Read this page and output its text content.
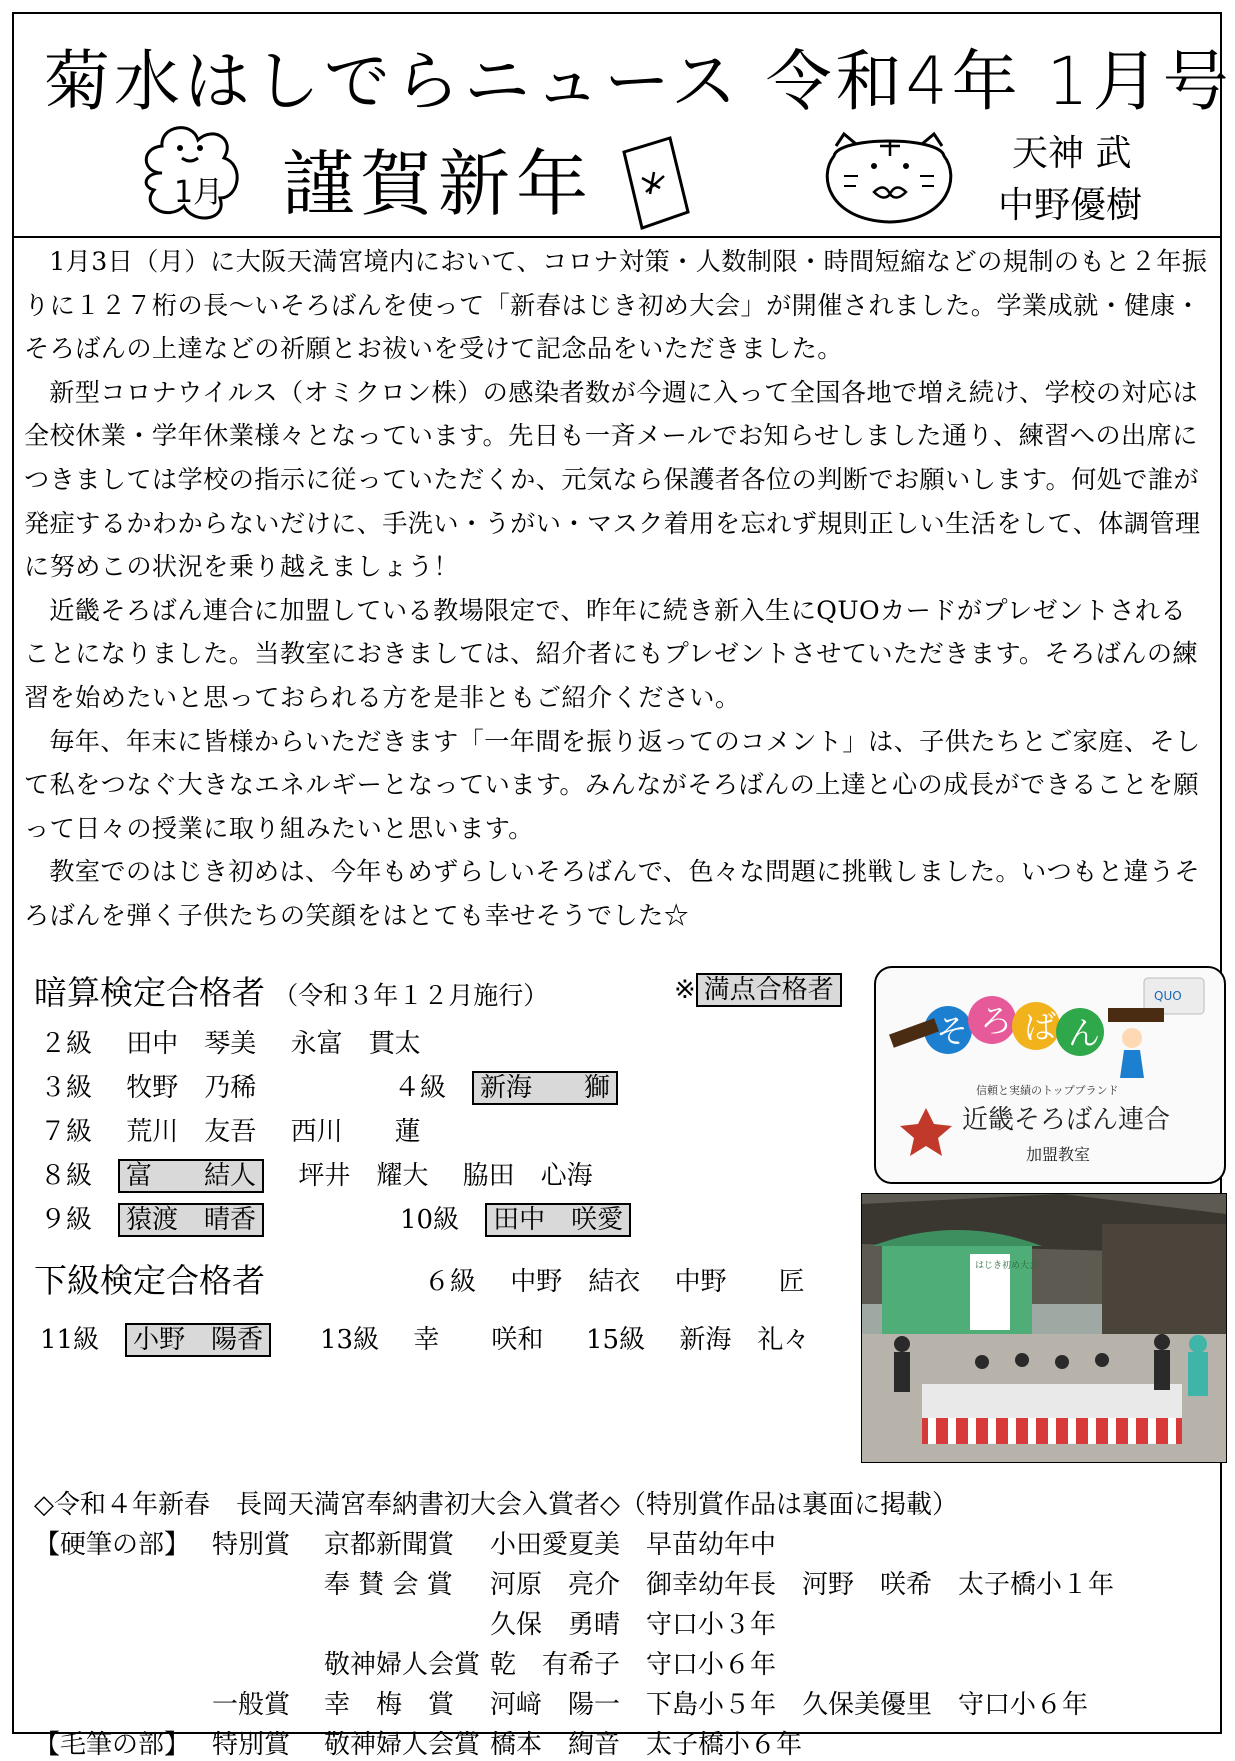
菊水はしでらニュース 令和4年 1月号
1月 謹賀新年	天神 武
中野優樹

1月3日（月）に大阪天満宮境内において、コロナ対策・人数制限・時間短縮などの規制のもと２年振りに１２７桁の長～いそろばんを使って「新春はじき初め大会」が開催されました。学業成就・健康・そろばんの上達などの祈願とお祓いを受けて記念品をいただきました。

新型コロナウイルス（オミクロン株）の感染者数が今週に入って全国各地で増え続け、学校の対応は全校休業・学年休業様々となっています。先日も一斉メールでお知らせしました通り、練習への出席につきましては学校の指示に従っていただくか、元気なら保護者各位の判断でお願いします。何処で誰が発症するかわからないだけに、手洗い・うがい・マスク着用を忘れず規則正しい生活をして、体調管理に努めこの状況を乗り越えましょう！

近畿そろばん連合に加盟している教場限定で、昨年に続き新入生にQUOカードがプレゼントされることになりました。当教室におきましては、紹介者にもプレゼントさせていただきます。そろばんの練習を始めたいと思っておられる方を是非ともご紹介ください。

毎年、年末に皆様からいただきます「一年間を振り返ってのコメント」は、子供たちとご家庭、そして私をつなぐ大きなエネルギーとなっています。みんながそろばんの上達と心の成長ができることを願って日々の授業に取り組みたいと思います。

教室でのはじき初めは、今年もめずらしいそろばんで、色々な問題に挑戦しました。いつもと違うそろばんを弾く子供たちの笑顔をはとても幸せそうでした☆

暗算検定合格者 （令和３年１２月施行）	※ 満点合格者
２級　 田中　琴美　 永富　貫太
３級　 牧野　乃稀	４級　 新海　　獅
７級　 荒川　友吾　 西川　　蓮
８級　 富　　結人　 坪井　耀大　 脇田　心海
９級　 猿渡　晴香	10級　 田中　咲愛
下級検定合格者	６級　 中野　結衣　 中野　　匠
11級　 小野　陽香	13級　 幸　　咲和 15級　 新海　礼々
QUO
そ ろ ば ん
信頼と実績のトップブランド
近畿そろばん連合
加盟教室
はじき初め大会
◇令和４年新春　長岡天満宮奉納書初大会入賞者◇（特別賞作品は裏面に掲載）
【硬筆の部】 特別賞 京都新聞賞 小田愛夏美　早苗幼年中
奉 賛 会 賞 河原　亮介　御幸幼年長　河野　咲希　太子橋小１年
久保　勇晴　守口小３年
敬神婦人会賞 乾　有希子　守口小６年
一般賞 幸　梅　賞 河﨑　陽一　下島小５年　久保美優里　守口小６年
【毛筆の部】 特別賞 敬神婦人会賞 橋本　絢音　太子橋小６年
